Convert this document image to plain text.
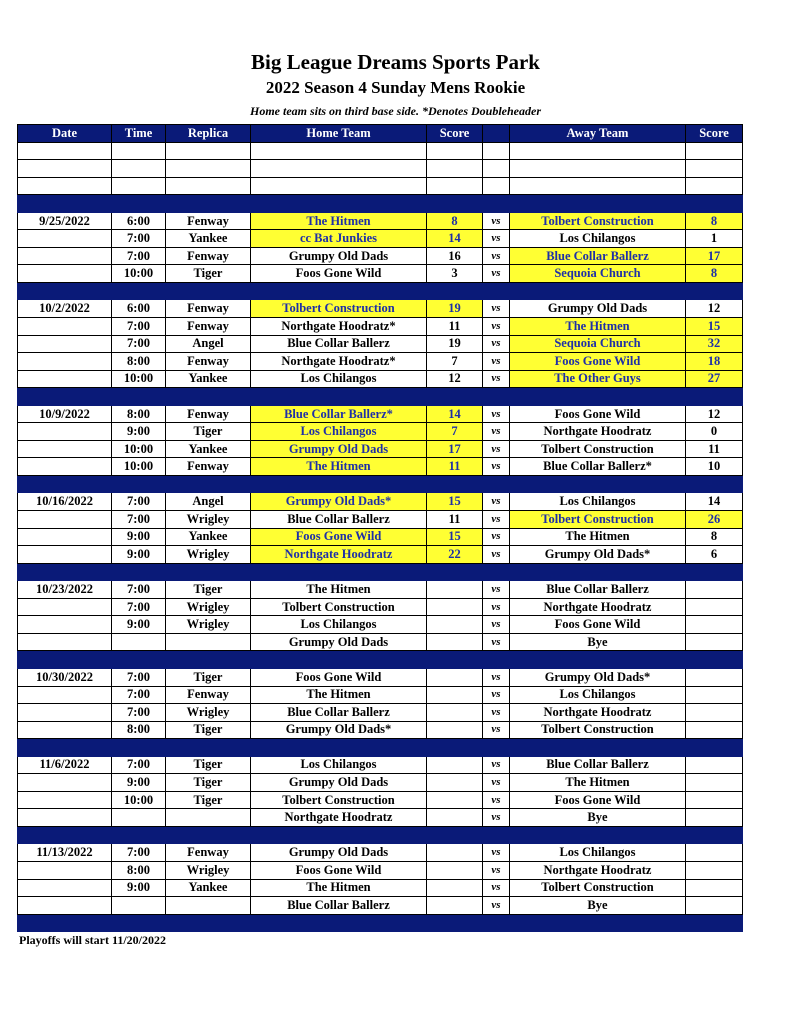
Big League Dreams Sports Park
2022 Season 4 Sunday Mens Rookie
Home team sits on third base side. *Denotes Doubleheader
Date	Time	Replica	Home Team	Score		Away Team	Score

9/25/2022	6:00	Fenway	The Hitmen	8	vs	Tolbert Construction	8
	7:00	Yankee	cc Bat Junkies	14	vs	Los Chilangos	1
	7:00	Fenway	Grumpy Old Dads	16	vs	Blue Collar Ballerz	17
	10:00	Tiger	Foos Gone Wild	3	vs	Sequoia Church	8

10/2/2022	6:00	Fenway	Tolbert Construction	19	vs	Grumpy Old Dads	12
	7:00	Fenway	Northgate Hoodratz*	11	vs	The Hitmen	15
	7:00	Angel	Blue Collar Ballerz	19	vs	Sequoia Church	32
	8:00	Fenway	Northgate Hoodratz*	7	vs	Foos Gone Wild	18
	10:00	Yankee	Los Chilangos	12	vs	The Other Guys	27

10/9/2022	8:00	Fenway	Blue Collar Ballerz*	14	vs	Foos Gone Wild	12
	9:00	Tiger	Los Chilangos	7	vs	Northgate Hoodratz	0
	10:00	Yankee	Grumpy Old Dads	17	vs	Tolbert Construction	11
	10:00	Fenway	The Hitmen	11	vs	Blue Collar Ballerz*	10

10/16/2022	7:00	Angel	Grumpy Old Dads*	15	vs	Los Chilangos	14
	7:00	Wrigley	Blue Collar Ballerz	11	vs	Tolbert Construction	26
	9:00	Yankee	Foos Gone Wild	15	vs	The Hitmen	8
	9:00	Wrigley	Northgate Hoodratz	22	vs	Grumpy Old Dads*	6

10/23/2022	7:00	Tiger	The Hitmen		vs	Blue Collar Ballerz	
	7:00	Wrigley	Tolbert Construction		vs	Northgate Hoodratz	
	9:00	Wrigley	Los Chilangos		vs	Foos Gone Wild	
			Grumpy Old Dads		vs	Bye	

10/30/2022	7:00	Tiger	Foos Gone Wild		vs	Grumpy Old Dads*	
	7:00	Fenway	The Hitmen		vs	Los Chilangos	
	7:00	Wrigley	Blue Collar Ballerz		vs	Northgate Hoodratz	
	8:00	Tiger	Grumpy Old Dads*		vs	Tolbert Construction	

11/6/2022	7:00	Tiger	Los Chilangos		vs	Blue Collar Ballerz	
	9:00	Tiger	Grumpy Old Dads		vs	The Hitmen	
	10:00	Tiger	Tolbert Construction		vs	Foos Gone Wild	
			Northgate Hoodratz		vs	Bye	

11/13/2022	7:00	Fenway	Grumpy Old Dads		vs	Los Chilangos	
	8:00	Wrigley	Foos Gone Wild		vs	Northgate Hoodratz	
	9:00	Yankee	The Hitmen		vs	Tolbert Construction	
			Blue Collar Ballerz		vs	Bye	

Playoffs will start 11/20/2022
